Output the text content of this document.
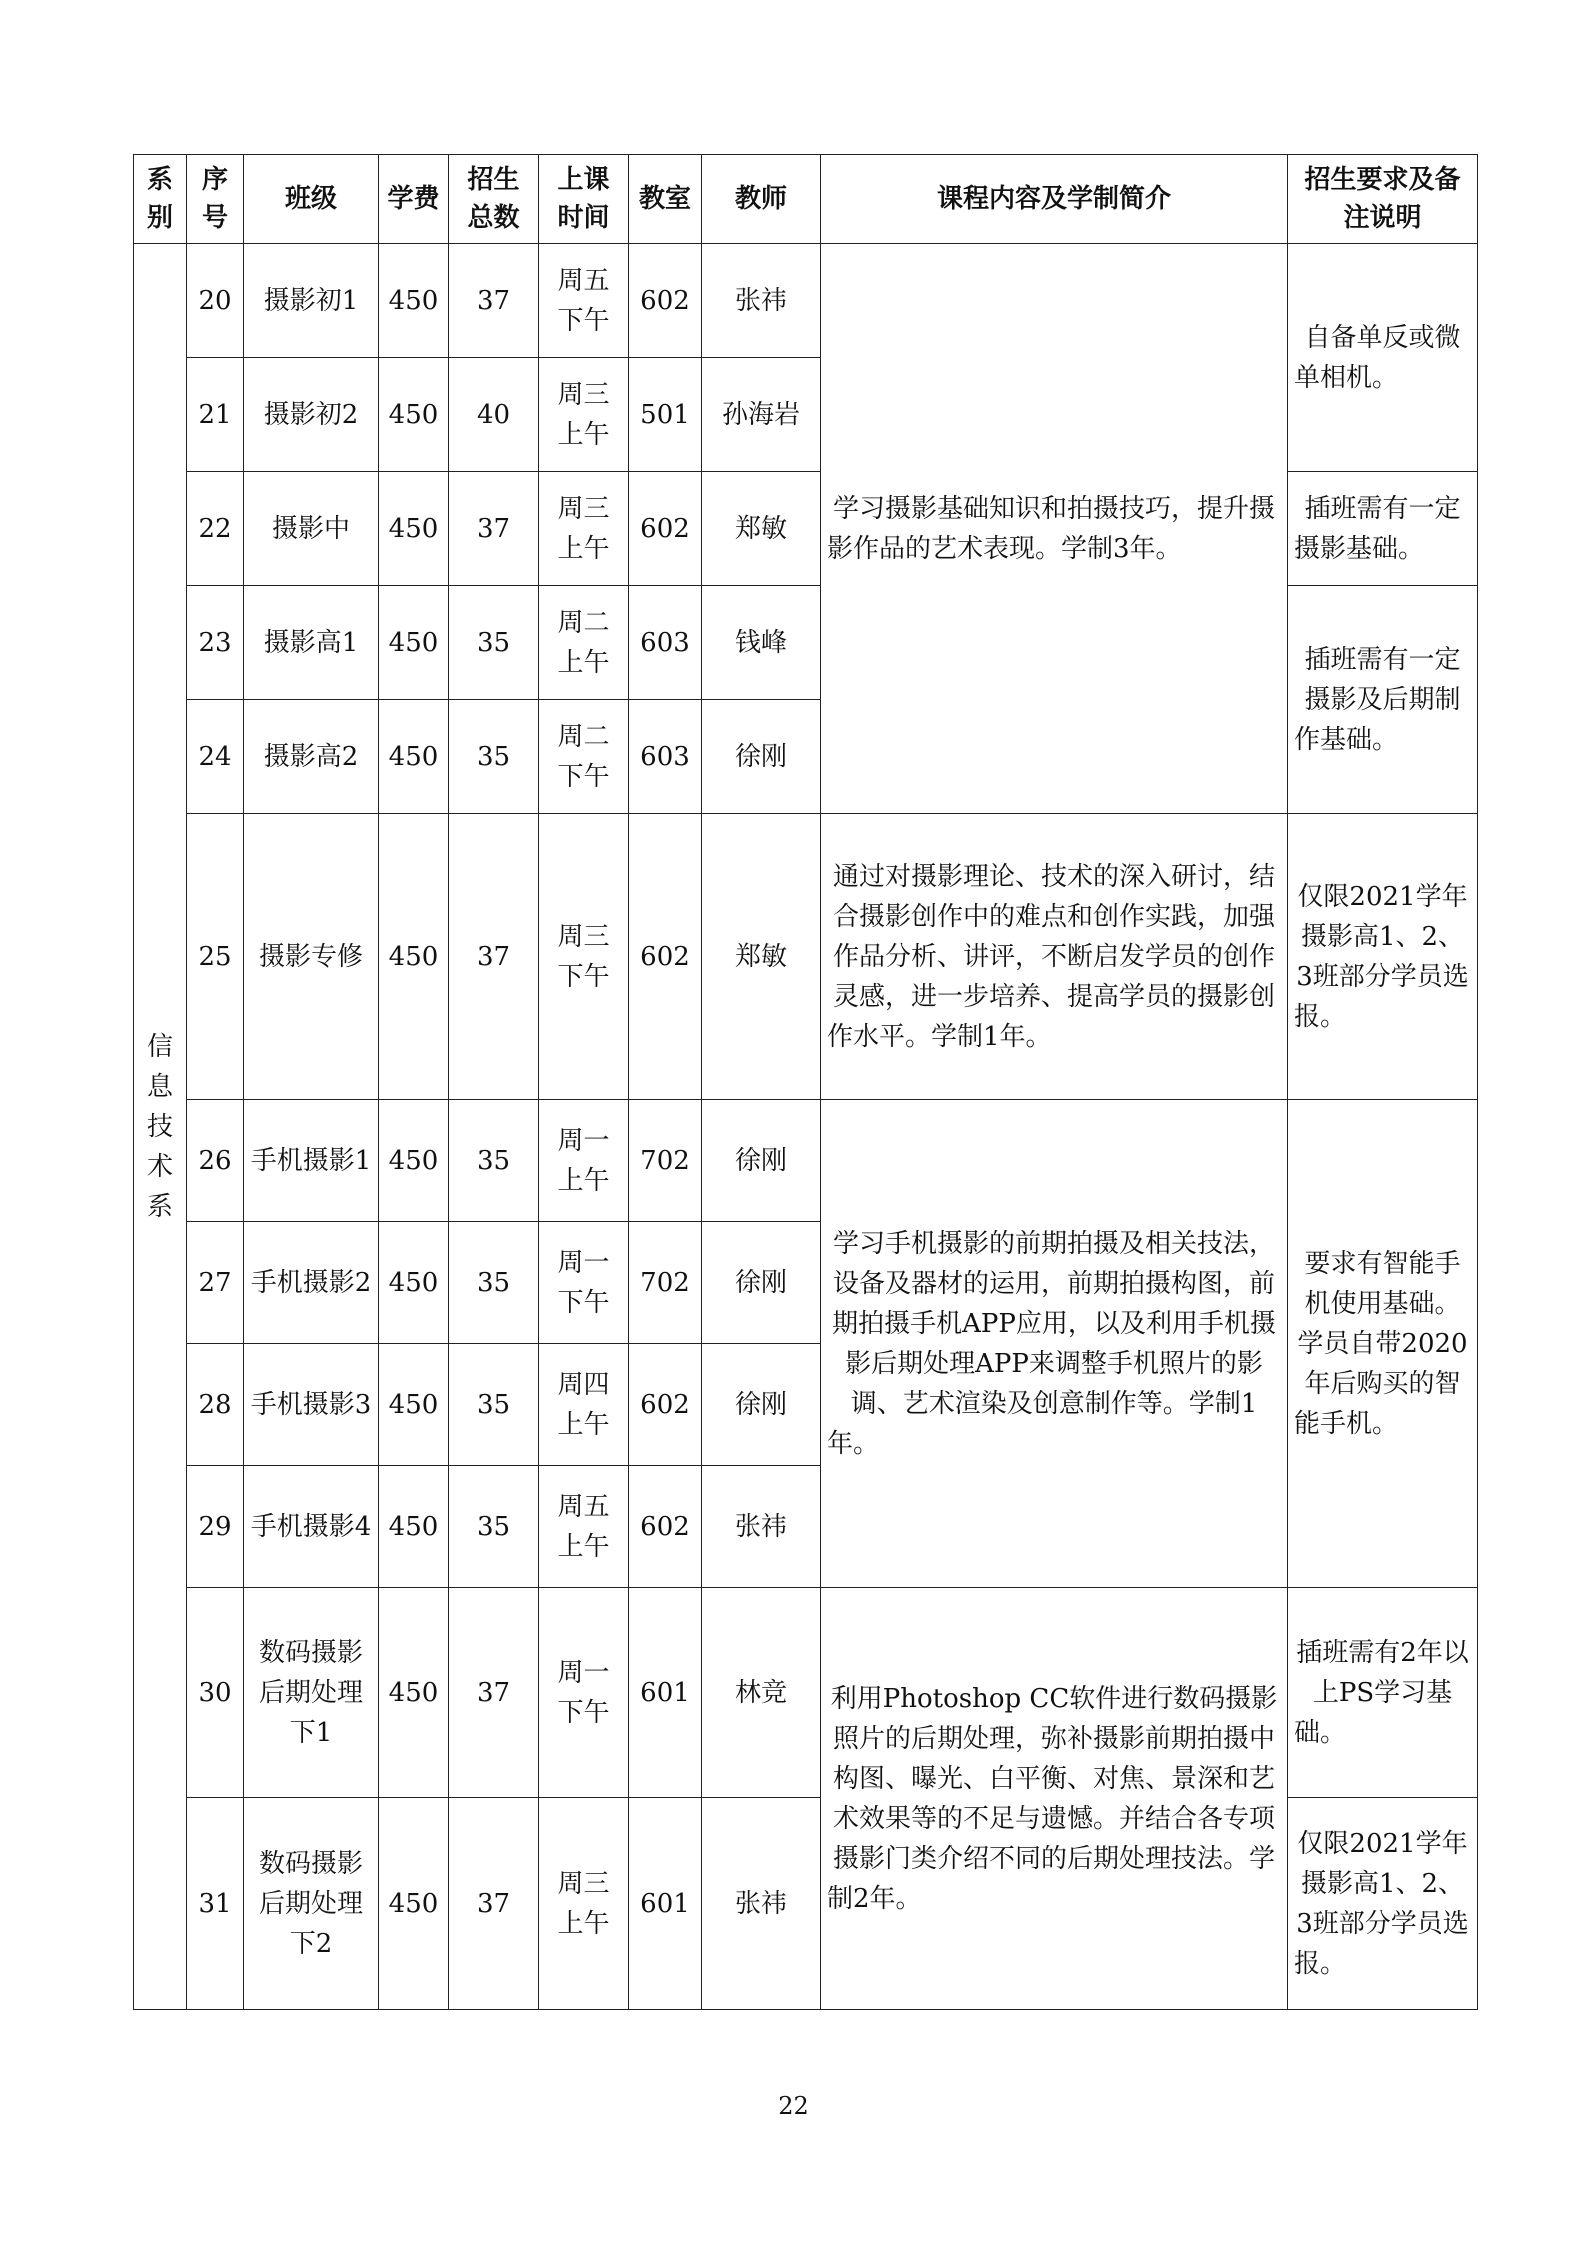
系别	序号	班级	学费	招生总数	上课时间	教室	教师	课程内容及学制简介	招生要求及备注说明

信息技术系	20	摄影初1	450	37	周五下午	602	张祎	学习摄影基础知识和拍摄技巧，提升摄影作品的艺术表现。学制3年。	自备单反或微单相机。
	21	摄影初2	450	40	周三上午	501	孙海岩		
	22	摄影中	450	37	周三上午	602	郑敏		插班需有一定摄影基础。
	23	摄影高1	450	35	周二上午	603	钱峰		插班需有一定摄影及后期制作基础。
	24	摄影高2	450	35	周二下午	603	徐刚		
	25	摄影专修	450	37	周三下午	602	郑敏	通过对摄影理论、技术的深入研讨，结合摄影创作中的难点和创作实践，加强作品分析、讲评，不断启发学员的创作灵感，进一步培养、提高学员的摄影创作水平。学制1年。	仅限2021学年摄影高1、2、3班部分学员选报。
	26	手机摄影1	450	35	周一上午	702	徐刚	学习手机摄影的前期拍摄及相关技法，设备及器材的运用，前期拍摄构图，前期拍摄手机APP应用，以及利用手机摄影后期处理APP来调整手机照片的影调、艺术渲染及创意制作等。学制1年。	要求有智能手机使用基础。学员自带2020年后购买的智能手机。
	27	手机摄影2	450	35	周一下午	702	徐刚		
	28	手机摄影3	450	35	周四上午	602	徐刚		
	29	手机摄影4	450	35	周五上午	602	张祎		
	30	数码摄影后期处理下1	450	37	周一下午	601	林竞	利用Photoshop CC软件进行数码摄影照片的后期处理，弥补摄影前期拍摄中构图、曝光、白平衡、对焦、景深和艺术效果等的不足与遗憾。并结合各专项摄影门类介绍不同的后期处理技法。学制2年。	插班需有2年以上PS学习基础。
	31	数码摄影后期处理下2	450	37	周三上午	601	张祎		仅限2021学年摄影高1、2、3班部分学员选报。
22
